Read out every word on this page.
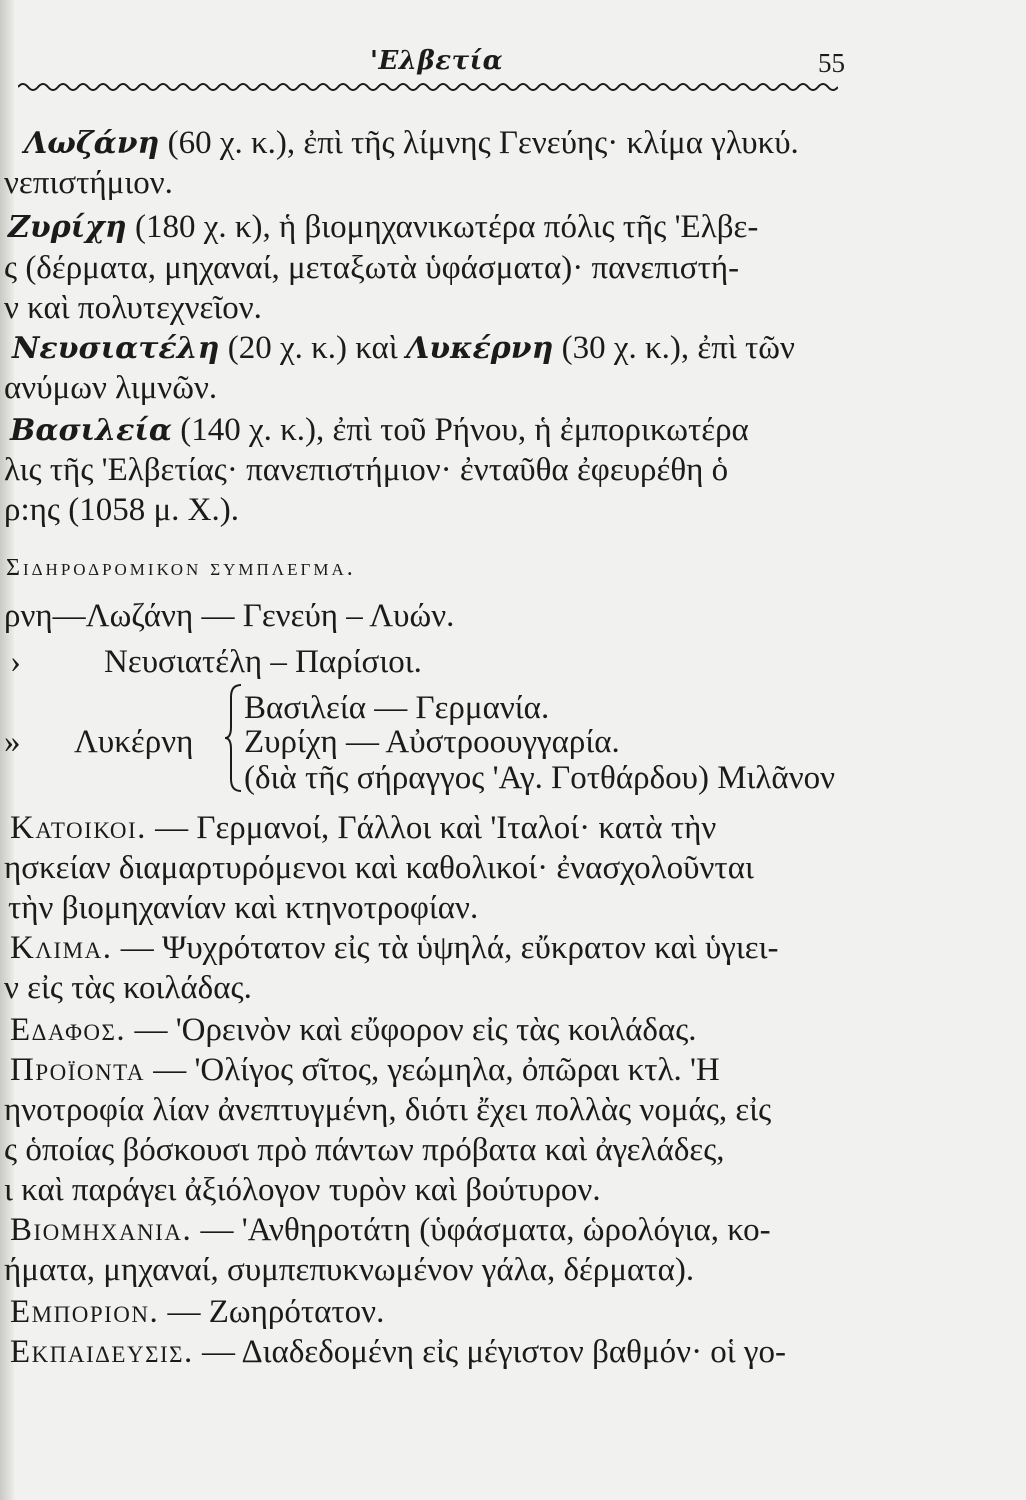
'Ελβετία	55
Λωζάνη (60 χ. κ.), ἐπὶ τῆς λίμνης Γενεύης· κλίμα γλυκύ.
νεπιστήμιον.
Ζυρίχη (180 χ. κ), ἡ βιομηχανικωτέρα πόλις τῆς 'Ελβε-
ς (δέρματα, μηχαναί, μεταξωτὰ ὑφάσματα)· πανεπιστή-
ν καὶ πολυτεχνεῖον.
Νευσιατέλη (20 χ. κ.) καὶ Λυκέρνη (30 χ. κ.), ἐπὶ τῶν
ανύμων λιμνῶν.
Βασιλεία (140 χ. κ.), ἐπὶ τοῦ Ρήνου, ἡ ἐμπορικωτέρα
λις τῆς 'Ελβετίας· πανεπιστήμιον· ἐνταῦθα ἐφευρέθη ὁ
ρ:ης (1058 μ. Χ.).
Σιδηροδρομικον συμπλεγμα.
ρνη—Λωζάνη — Γενεύη – Λυών.
›	Νευσιατέλη – Παρίσιοι.
Βασιλεία — Γερμανία.
» Λυκέρνη Ζυρίχη — Αὐστροουγγαρία.
(διὰ τῆς σήραγγος 'Αγ. Γοτθάρδου) Μιλᾶνον
Κατοικοι. — Γερμανοί, Γάλλοι καὶ 'Ιταλοί· κατὰ τὴν
ησκείαν διαμαρτυρόμενοι καὶ καθολικοί· ἐνασχολοῦνται
τὴν βιομηχανίαν καὶ κτηνοτροφίαν.
Κλιμα. — Ψυχρότατον εἰς τὰ ὑψηλά, εὔκρατον καὶ ὑγιει-
ν εἰς τὰς κοιλάδας.
Εδαφος. — 'Ορεινὸν καὶ εὔφορον εἰς τὰς κοιλάδας.
Προϊοντα — 'Ολίγος σῖτος, γεώμηλα, ὀπῶραι κτλ. 'Η
ηνοτροφία λίαν ἀνεπτυγμένη, διότι ἔχει πολλὰς νομάς, εἰς
ς ὁποίας βόσκουσι πρὸ πάντων πρόβατα καὶ ἀγελάδες,
ι καὶ παράγει ἀξιόλογον τυρὸν καὶ βούτυρον.
Βιομηχανια. — 'Ανθηροτάτη (ὑφάσματα, ὡρολόγια, κο-
ήματα, μηχαναί, συμπεπυκνωμένον γάλα, δέρματα).
Εμποριον. — Ζωηρότατον.
Εκπαιδευσις. — Διαδεδομένη εἰς μέγιστον βαθμόν· οἱ γο-
